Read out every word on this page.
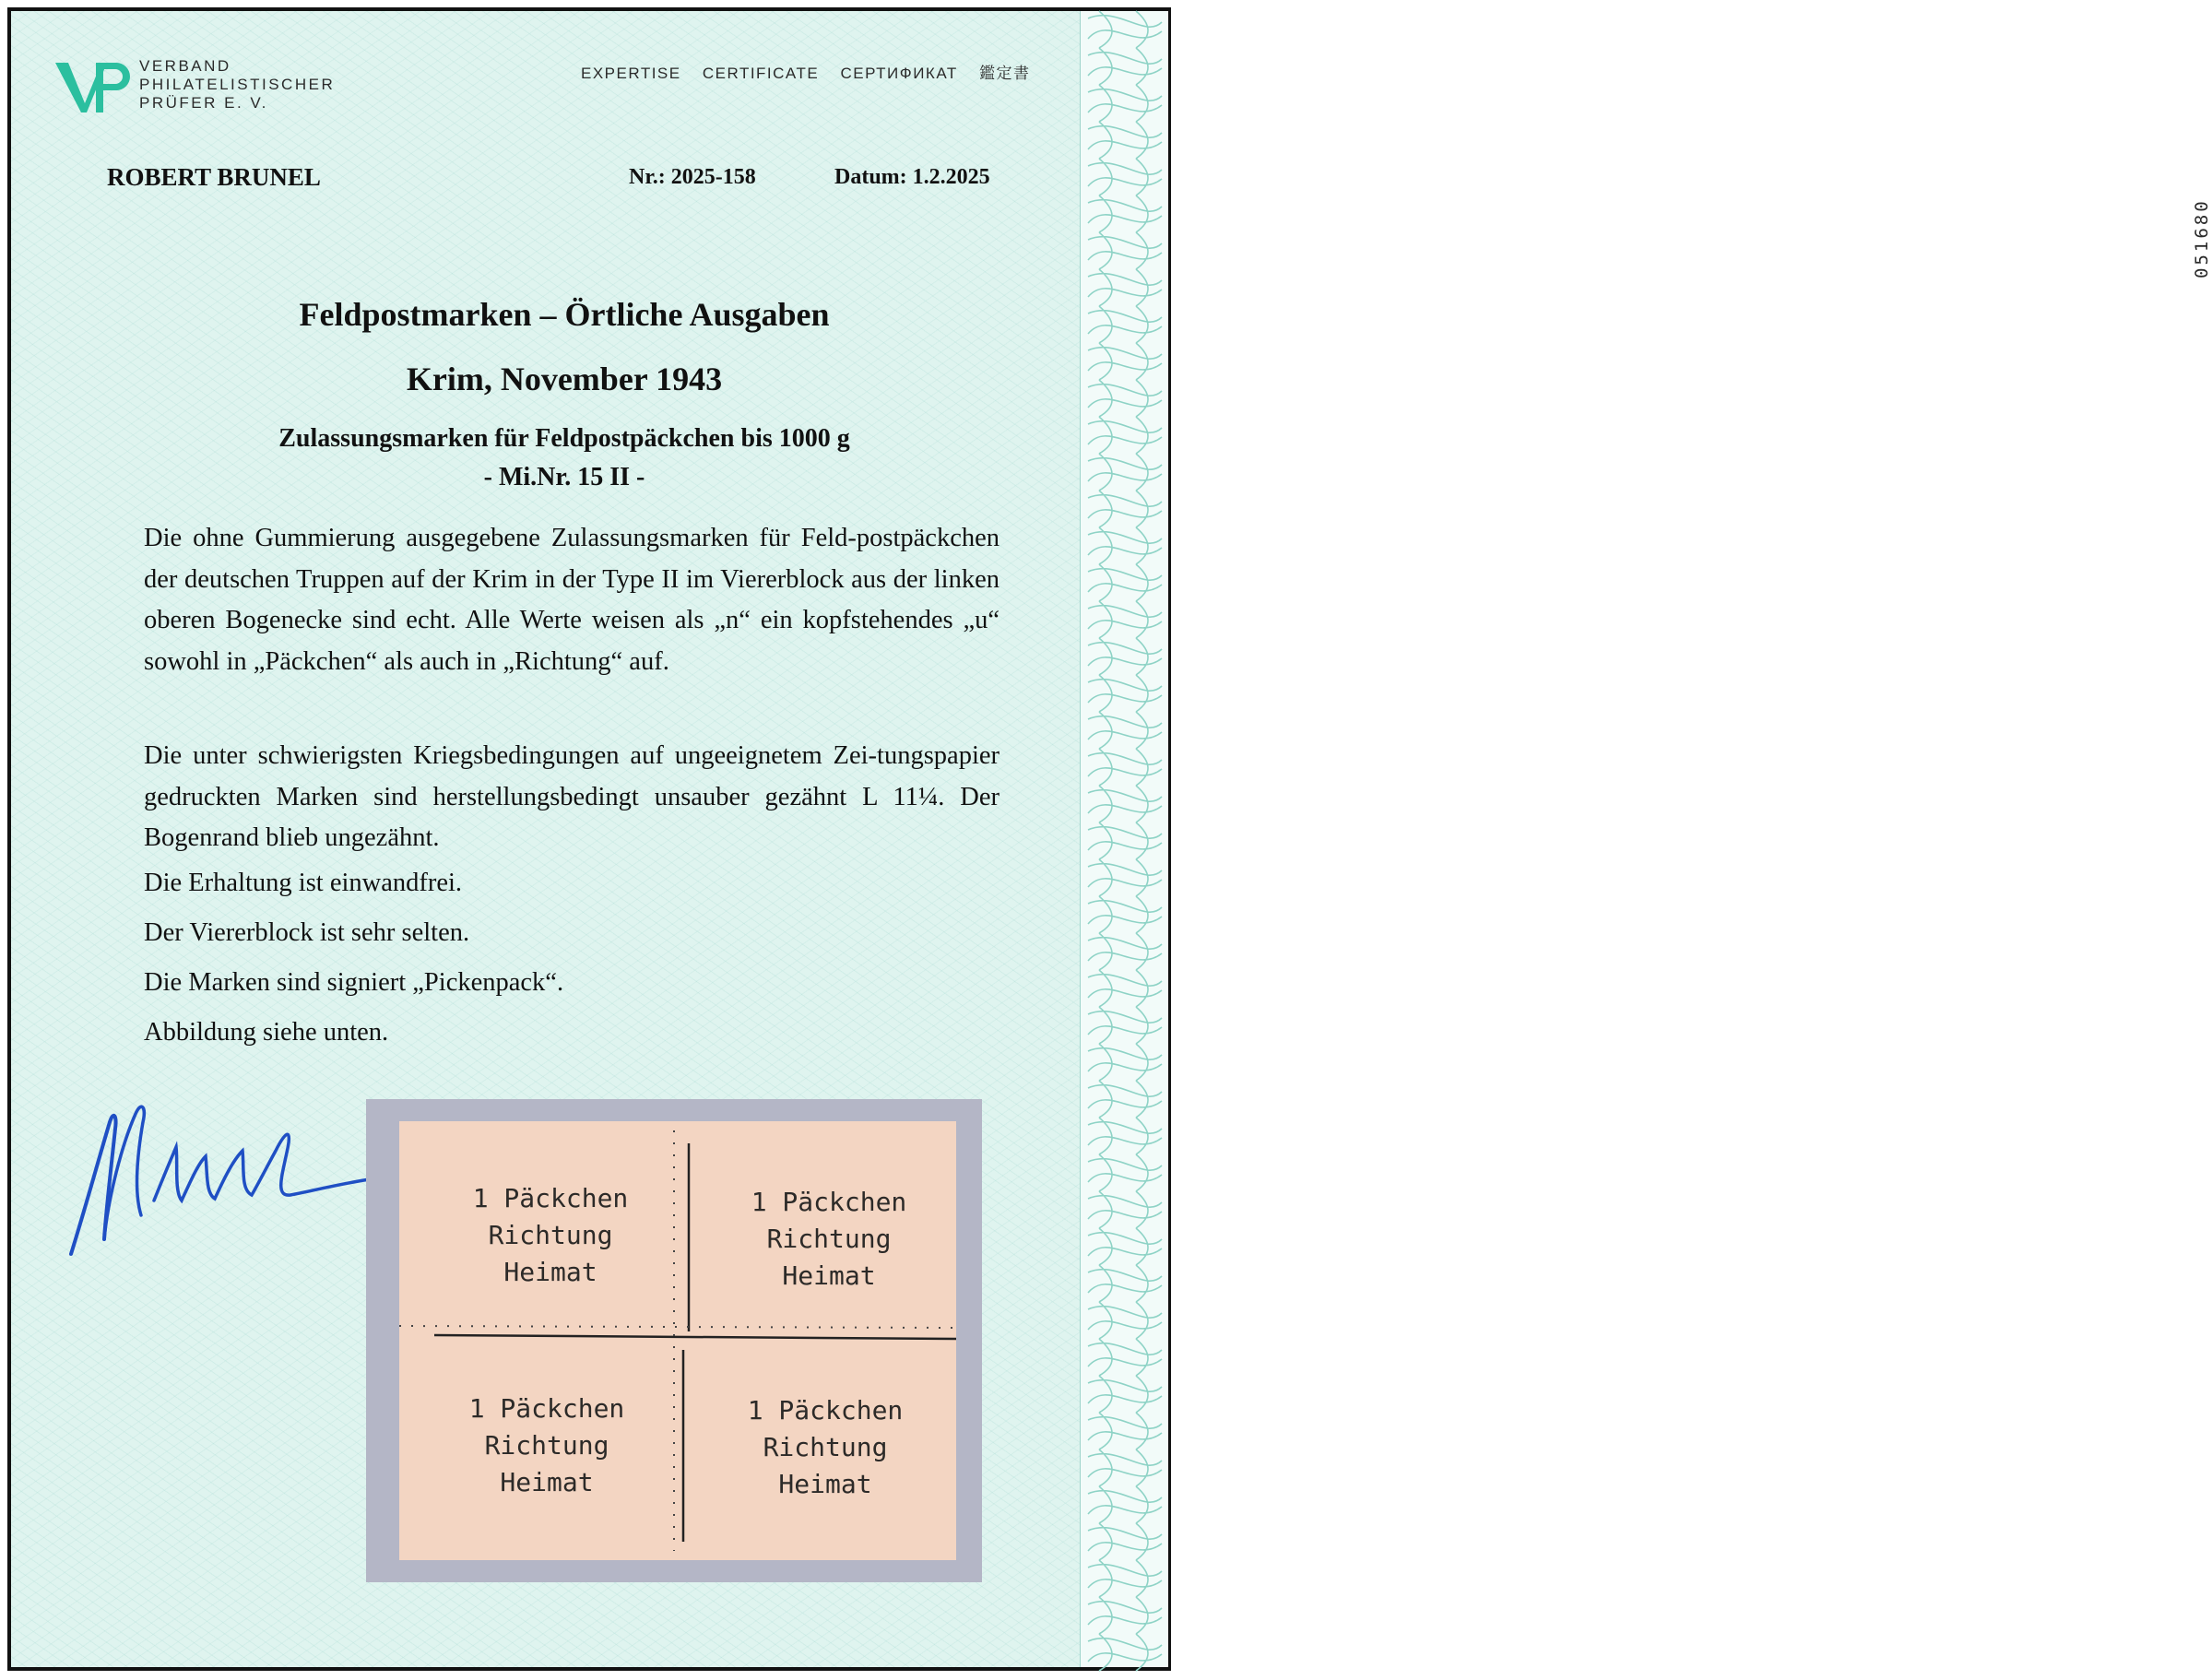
VERBAND
PHILATELISTISCHER
PRÜFER E. V.
EXPERTISE CERTIFICATE СЕРТИФИКАТ 鑑定書
ROBERT BRUNEL	Nr.: 2025-158	Datum: 1.2.2025
Feldpostmarken – Örtliche Ausgaben
Krim, November 1943
Zulassungsmarken für Feldpostpäckchen bis 1000 g
- Mi.Nr. 15 II -

Die ohne Gummierung ausgegebene Zulassungsmarken für Feld-postpäckchen der deutschen Truppen auf der Krim in der Type II im Viererblock aus der linken oberen Bogenecke sind echt. Alle Werte weisen als „n“ ein kopfstehendes „u“ sowohl in „Päckchen“ als auch in „Richtung“ auf.

Die unter schwierigsten Kriegsbedingungen auf ungeeignetem Zei-tungspapier gedruckten Marken sind herstellungsbedingt unsauber gezähnt L 11¼. Der Bogenrand blieb ungezähnt.

Die Erhaltung ist einwandfrei.
Der Viererblock ist sehr selten.
Die Marken sind signiert „Pickenpack“.
Abbildung siehe unten.
1 Päckchen
Richtung
Heimat
1 Päckchen
Richtung
Heimat
1 Päckchen
Richtung
Heimat
1 Päckchen
Richtung
Heimat
051680
